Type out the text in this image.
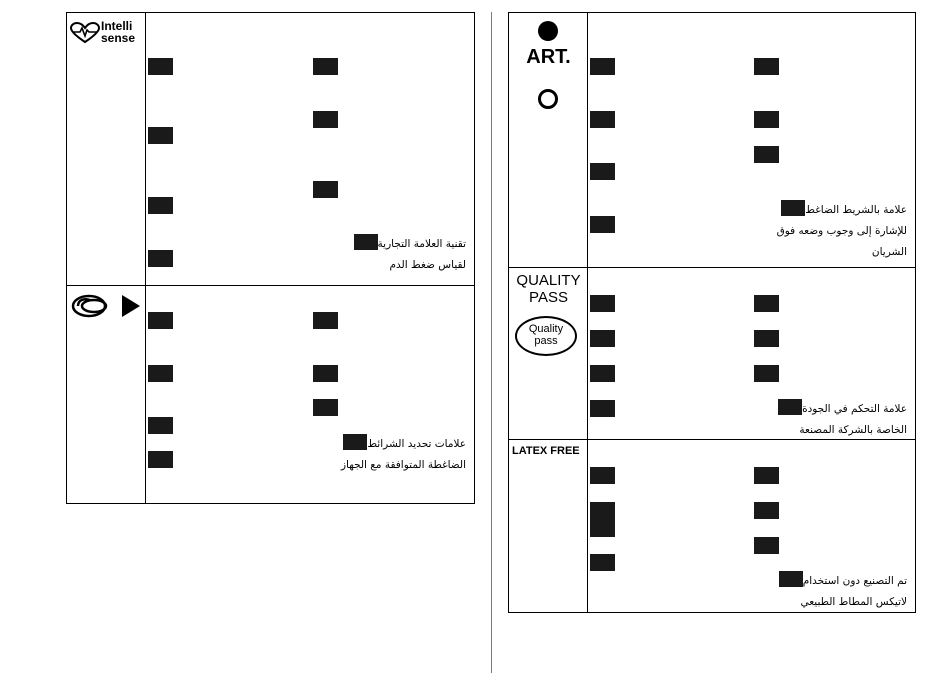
Intelli
sense
تقنية العلامة التجارية
لقياس ضغط الدم
علامات تحديد الشرائط
الضاغطة المتوافقة مع الجهاز
ART.
علامة بالشريط الضاغط
للإشارة إلى وجوب وضعه فوق
الشريان
QUALITY
PASS
Quality
pass
علامة التحكم في الجودة
الخاصة بالشركة المصنعة
LATEX FREE
تم التصنيع دون استخدام
لاتيكس المطاط الطبيعي
